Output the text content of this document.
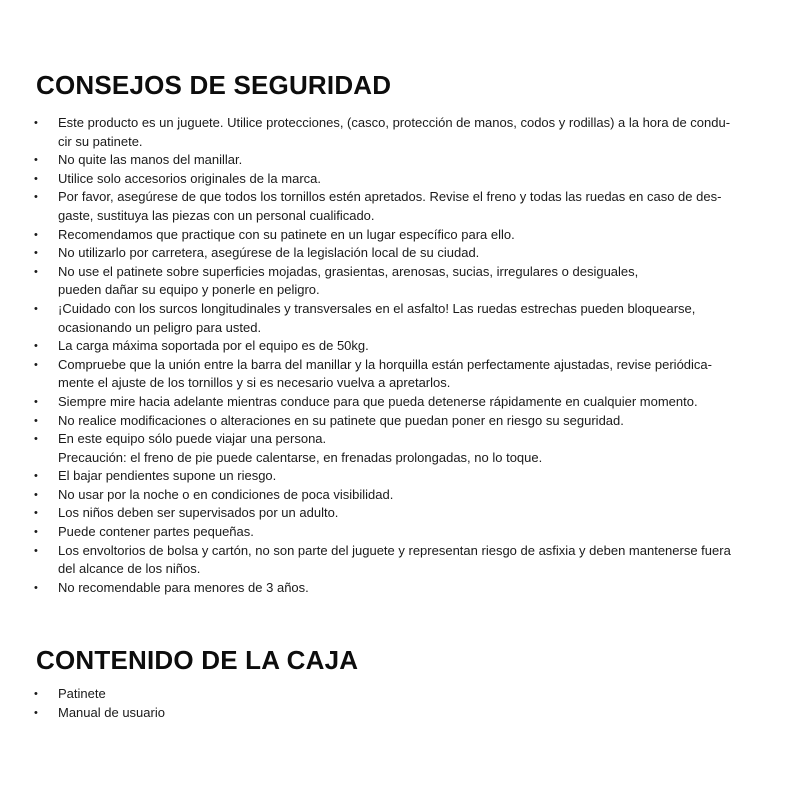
CONSEJOS DE SEGURIDAD
• Este producto es un juguete. Utilice protecciones, (casco, protección de manos, codos y rodillas) a la hora de condu-
cir su patinete.
• No quite las manos del manillar.
• Utilice solo accesorios originales de la marca.
• Por favor, asegúrese de que todos los tornillos estén apretados. Revise el freno y todas las ruedas en caso de des-
gaste, sustituya las piezas con un personal cualificado.
• Recomendamos que practique con su patinete en un lugar específico para ello.
• No utilizarlo por carretera, asegúrese de la legislación local de su ciudad.
• No use el patinete sobre superficies mojadas, grasientas, arenosas, sucias, irregulares o desiguales,
pueden dañar su equipo y ponerle en peligro.
• ¡Cuidado con los surcos longitudinales y transversales en el asfalto! Las ruedas estrechas pueden bloquearse,
ocasionando un peligro para usted.
• La carga máxima soportada por el equipo es de 50kg.
• Compruebe que la unión entre la barra del manillar y la horquilla están perfectamente ajustadas, revise periódica-
mente el ajuste de los tornillos y si es necesario vuelva a apretarlos.
• Siempre mire hacia adelante mientras conduce para que pueda detenerse rápidamente en cualquier momento.
• No realice modificaciones o alteraciones en su patinete que puedan poner en riesgo su seguridad.
• En este equipo sólo puede viajar una persona.
Precaución: el freno de pie puede calentarse, en frenadas prolongadas, no lo toque.
• El bajar pendientes supone un riesgo.
• No usar por la noche o en condiciones de poca visibilidad.
• Los niños deben ser supervisados por un adulto.
• Puede contener partes pequeñas.
• Los envoltorios de bolsa y cartón, no son parte del juguete y representan riesgo de asfixia y deben mantenerse fuera
del alcance de los niños.
• No recomendable para menores de 3 años.
CONTENIDO DE LA CAJA
• Patinete
• Manual de usuario
